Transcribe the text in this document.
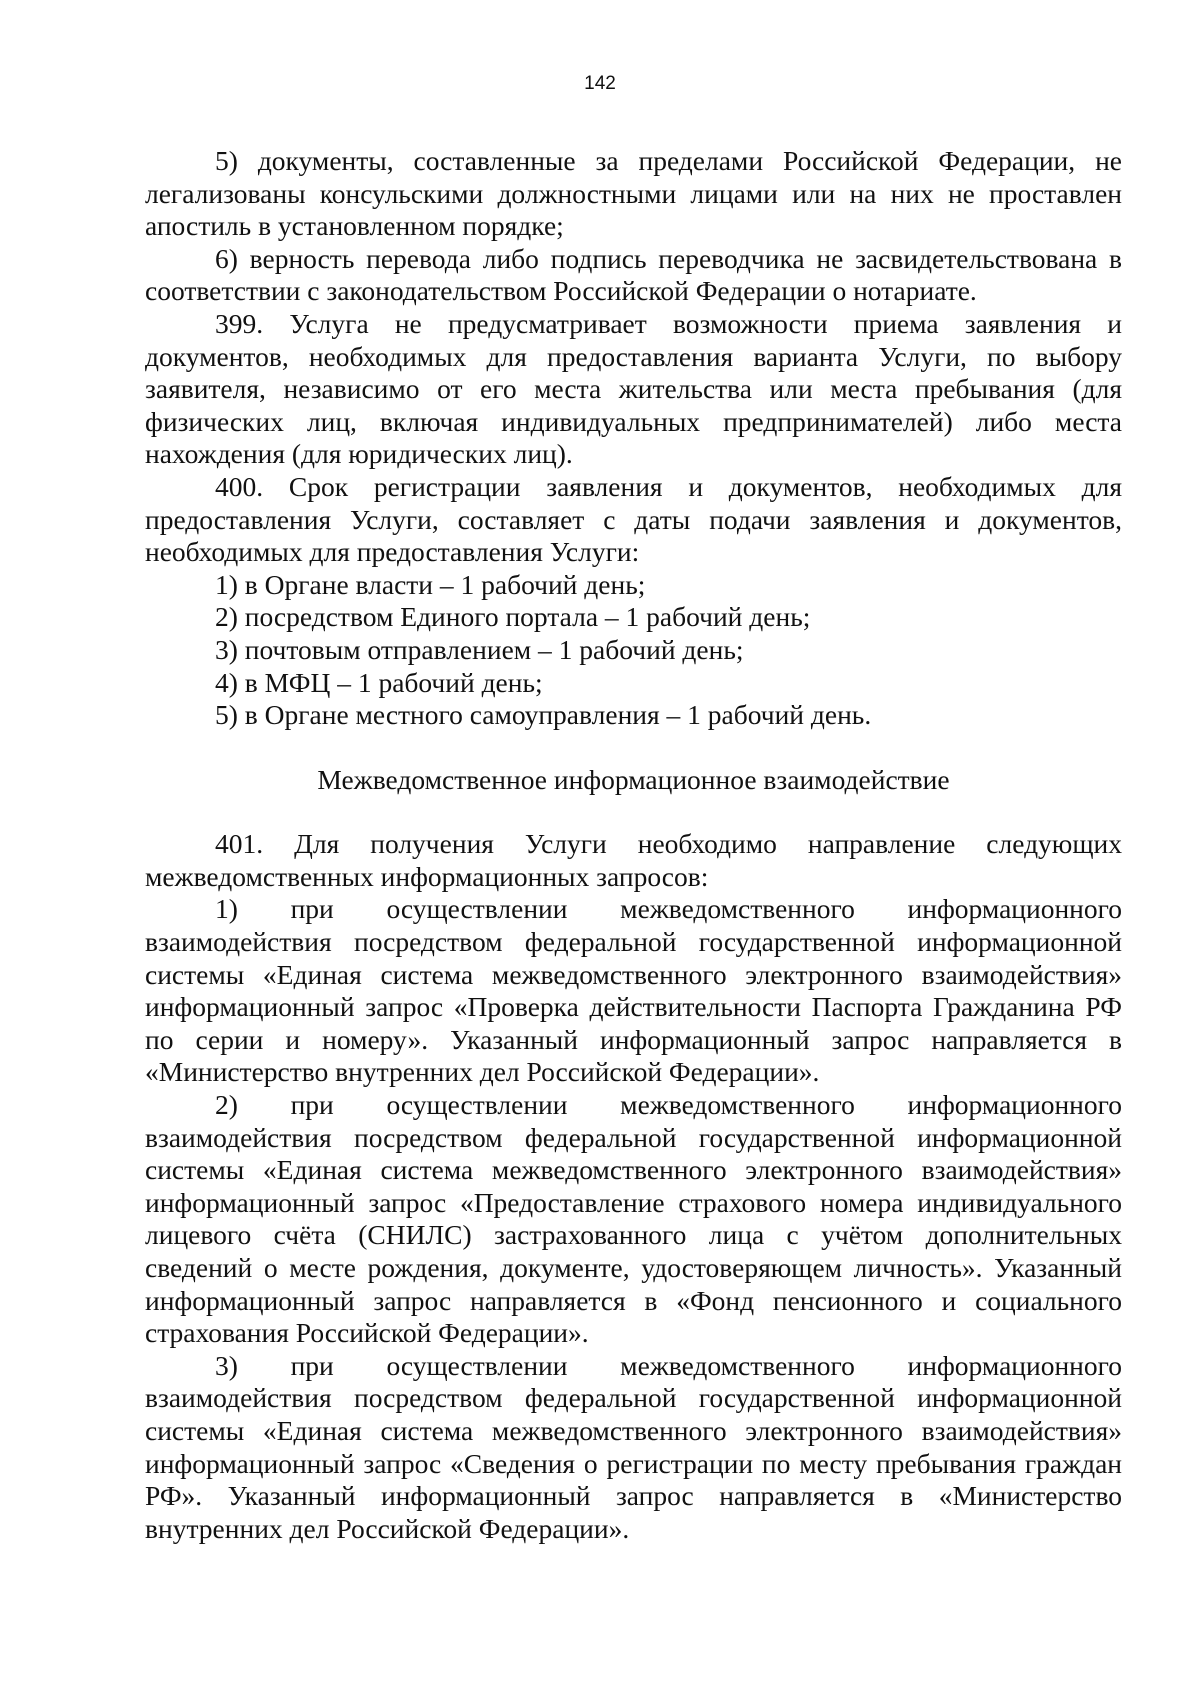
142

5) документы, составленные за пределами Российской Федерации, не легализованы консульскими должностными лицами или на них не проставлен апостиль в установленном порядке;

6) верность перевода либо подпись переводчика не засвидетельствована в соответствии с законодательством Российской Федерации о нотариате.

399. Услуга не предусматривает возможности приема заявления и документов, необходимых для предоставления варианта Услуги, по выбору заявителя, независимо от его места жительства или места пребывания (для физических лиц, включая индивидуальных предпринимателей) либо места нахождения (для юридических лиц).

400. Срок регистрации заявления и документов, необходимых для предоставления Услуги, составляет с даты подачи заявления и документов, необходимых для предоставления Услуги:

1) в Органе власти – 1 рабочий день;

2) посредством Единого портала – 1 рабочий день;

3) почтовым отправлением – 1 рабочий день;

4) в МФЦ – 1 рабочий день;

5) в Органе местного самоуправления – 1 рабочий день.

Межведомственное информационное взаимодействие

401. Для получения Услуги необходимо направление следующих межведомственных информационных запросов:

1) при осуществлении межведомственного информационного взаимодействия посредством федеральной государственной информационной системы «Единая система межведомственного электронного взаимодействия» информационный запрос «Проверка действительности Паспорта Гражданина РФ по серии и номеру». Указанный информационный запрос направляется в «Министерство внутренних дел Российской Федерации».

2) при осуществлении межведомственного информационного взаимодействия посредством федеральной государственной информационной системы «Единая система межведомственного электронного взаимодействия» информационный запрос «Предоставление страхового номера индивидуального лицевого счёта (СНИЛС) застрахованного лица с учётом дополнительных сведений о месте рождения, документе, удостоверяющем личность». Указанный информационный запрос направляется в «Фонд пенсионного и социального страхования Российской Федерации».

3) при осуществлении межведомственного информационного взаимодействия посредством федеральной государственной информационной системы «Единая система межведомственного электронного взаимодействия» информационный запрос «Сведения о регистрации по месту пребывания граждан РФ». Указанный информационный запрос направляется в «Министерство внутренних дел Российской Федерации».
